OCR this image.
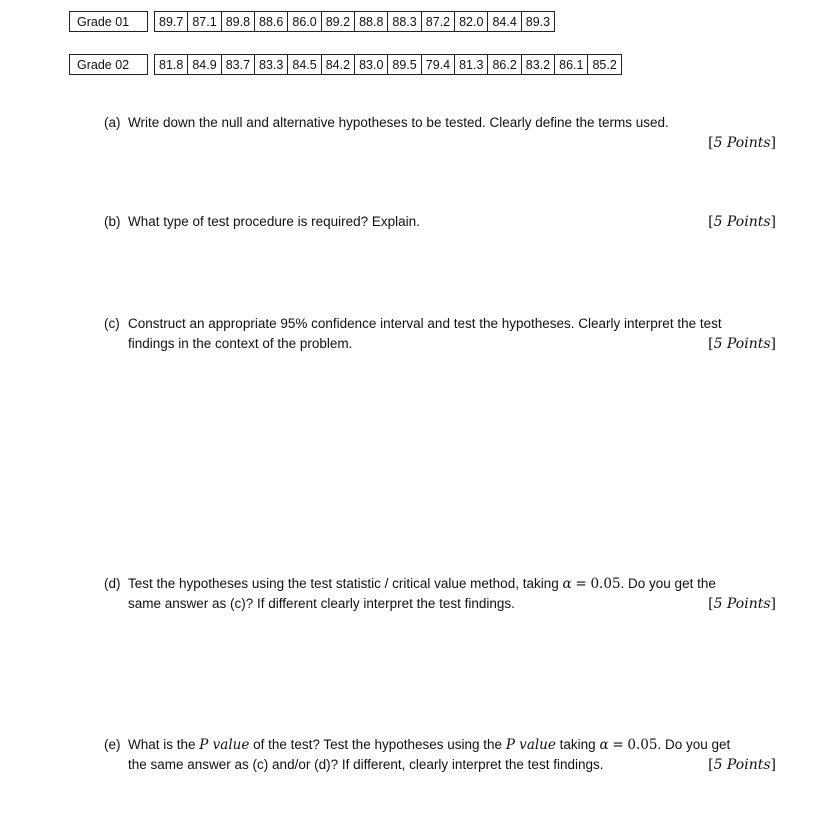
Grade 01		89.7	87.1	89.8	88.6	86.0	89.2	88.8	88.3	87.2	82.0	84.4	89.3
Grade 02		81.8	84.9	83.7	83.3	84.5	84.2	83.0	89.5	79.4	81.3	86.2	83.2	86.1	85.2
(a) Write down the null and alternative hypotheses to be tested. Clearly define the terms used.
[5 Points]
(b) What type of test procedure is required? Explain.	[5 Points]
(c) Construct an appropriate 95% confidence interval and test the hypotheses. Clearly interpret the test
findings in the context of the problem.	[5 Points]
(d) Test the hypotheses using the test statistic / critical value method, taking α = 0.05. Do you get the
same answer as (c)? If different clearly interpret the test findings.	[5 Points]
(e) What is the P value of the test? Test the hypotheses using the P value taking α = 0.05. Do you get
the same answer as (c) and/or (d)? If different, clearly interpret the test findings.	[5 Points]
